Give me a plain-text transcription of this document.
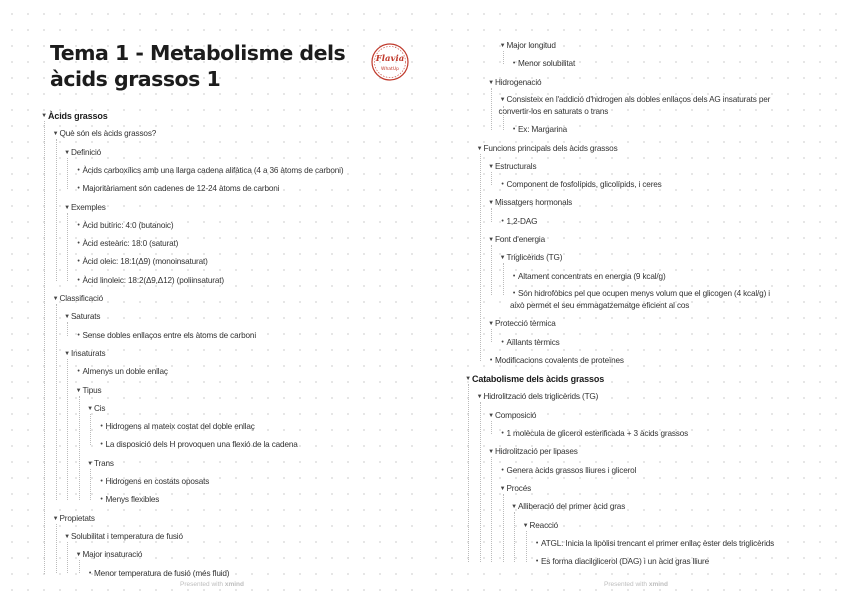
Tema 1 - Metabolisme dels àcids grassos 1
Flavia
WhatUp
▼Àcids grassos
▼Què són els àcids grassos?
▼Definició
• Àcids carboxílics amb una llarga cadena alifàtica (4 a 36 àtoms de carboni)
• Majoritàriament són cadenes de 12-24 àtoms de carboni
▼Exemples
• Àcid butíric: 4:0 (butanoic)
• Àcid esteàric: 18:0 (saturat)
• Àcid oleic: 18:1(Δ9) (monoinsaturat)
• Àcid linoleic: 18:2(Δ9,Δ12) (poliinsaturat)
▼Classificació
▼Saturats
• Sense dobles enllaços entre els àtoms de carboni
▼Insaturats
• Almenys un doble enllaç
▼Tipus
▼Cis
• Hidrogens al mateix costat del doble enllaç
• La disposició dels H provoquen una flexió de la cadena
▼Trans
• Hidrogens en costats oposats
• Menys flexibles
▼Propietats
▼Solubilitat i temperatura de fusió
▼Major insaturació
• Menor temperatura de fusió (més fluid)
Presented with xmind
▼Major longitud
• Menor solubilitat
▼Hidrogenació
▼Consisteix en l'addició d'hidrogen als dobles enllaços dels AG insaturats per convertir-los en saturats o trans
• Ex: Margarina
▼Funcions principals dels àcids grassos
▼Estructurals
• Component de fosfolípids, glicolípids, i ceres
▼Missatgers hormonals
• 1,2-DAG
▼Font d'energia
▼Triglicèrids (TG)
• Altament concentrats en energia (9 kcal/g)
• Són hidrofòbics pel que ocupen menys volum que el glicogen (4 kcal/g) i això permet el seu emmagatzematge eficient al cos
▼Protecció tèrmica
• Aïllants tèrmics
• Modificacions covalents de proteïnes
▼Catabolisme dels àcids grassos
▼Hidrolització dels triglicèrids (TG)
▼Composició
• 1 molècula de glicerol esterificada + 3 àcids grassos
▼Hidrolització per lipases
• Genera àcids grassos lliures i glicerol
▼Procés
▼Alliberació del primer àcid gras
▼Reacció
• ATGL: Inicia la lipòlisi trencant el primer enllaç èster dels triglicèrids
• Es forma diacilglicerol (DAG) i un àcid gras lliure
Presented with xmind
